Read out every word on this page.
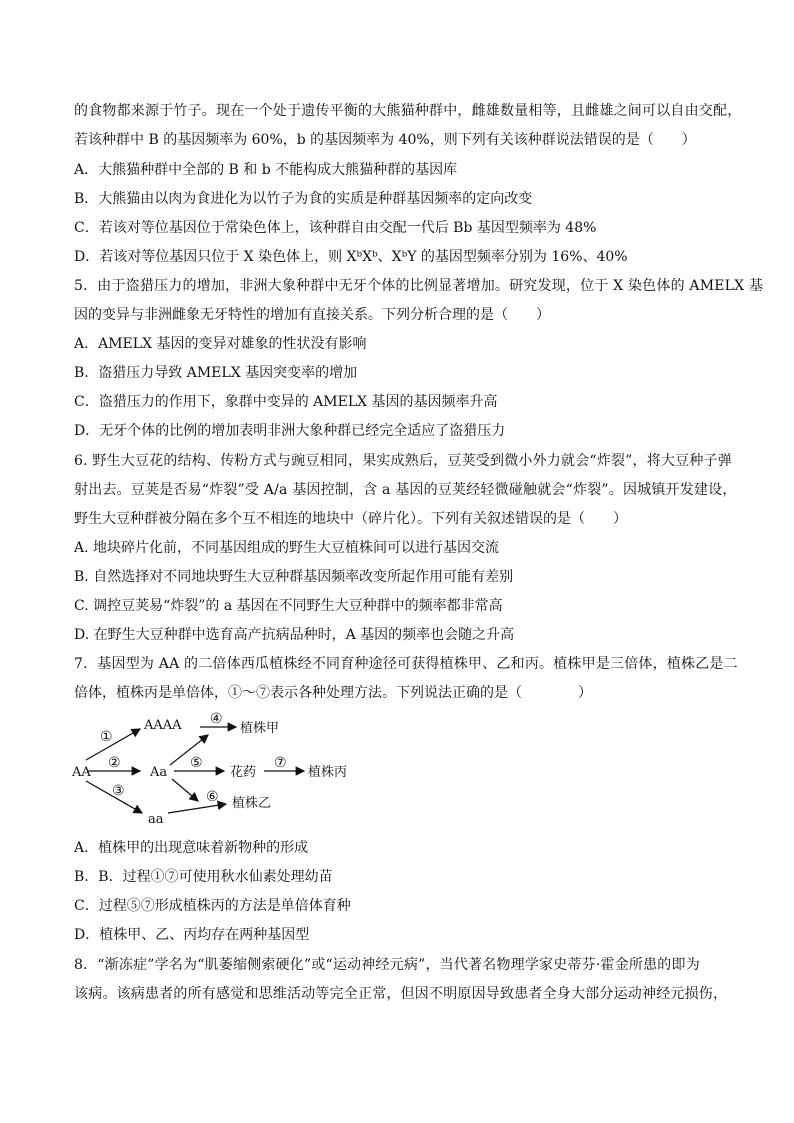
的食物都来源于竹子。现在一个处于遗传平衡的大熊猫种群中，雌雄数量相等，且雌雄之间可以自由交配，
若该种群中 B 的基因频率为 60%，b 的基因频率为 40%，则下列有关该种群说法错误的是（　　）
A．大熊猫种群中全部的 B 和 b 不能构成大熊猫种群的基因库
B．大熊猫由以肉为食进化为以竹子为食的实质是种群基因频率的定向改变
C．若该对等位基因位于常染色体上，该种群自由交配一代后 Bb 基因型频率为 48%
D．若该对等位基因只位于 X 染色体上，则 XᵇXᵇ、XᵇY 的基因型频率分别为 16%、40%
5．由于盗猎压力的增加，非洲大象种群中无牙个体的比例显著增加。研究发现，位于 X 染色体的 AMELX 基
因的变异与非洲雌象无牙特性的增加有直接关系。下列分析合理的是（　　）
A．AMELX 基因的变异对雄象的性状没有影响
B．盗猎压力导致 AMELX 基因突变率的增加
C．盗猎压力的作用下，象群中变异的 AMELX 基因的基因频率升高
D．无牙个体的比例的增加表明非洲大象种群已经完全适应了盗猎压力
6. 野生大豆花的结构、传粉方式与豌豆相同，果实成熟后，豆荚受到微小外力就会“炸裂”，将大豆种子弹
射出去。豆荚是否易“炸裂”受 A/a 基因控制，含 a 基因的豆荚经轻微碰触就会“炸裂”。因城镇开发建设，
野生大豆种群被分隔在多个互不相连的地块中（碎片化）。下列有关叙述错误的是（　　）
A. 地块碎片化前，不同基因组成的野生大豆植株间可以进行基因交流
B. 自然选择对不同地块野生大豆种群基因频率改变所起作用可能有差别
C. 调控豆荚易“炸裂”的 a 基因在不同野生大豆种群中的频率都非常高
D. 在野生大豆种群中选育高产抗病品种时，A 基因的频率也会随之升高
7．基因型为 AA 的二倍体西瓜植株经不同育种途径可获得植株甲、乙和丙。植株甲是三倍体，植株乙是二
倍体，植株丙是单倍体，①～⑦表示各种处理方法。下列说法正确的是（　　　　）
AA
AAAA
Aa
aa
花药
植株甲
植株丙
植株乙
①
②
③
④
⑤
⑥
⑦
A．植株甲的出现意味着新物种的形成
B．B．过程①⑦可使用秋水仙素处理幼苗
C．过程⑤⑦形成植株丙的方法是单倍体育种
D．植株甲、乙、丙均存在两种基因型
8．“渐冻症”学名为“肌萎缩侧索硬化”或“运动神经元病”，当代著名物理学家史蒂芬·霍金所患的即为
该病。该病患者的所有感觉和思维活动等完全正常，但因不明原因导致患者全身大部分运动神经元损伤，
